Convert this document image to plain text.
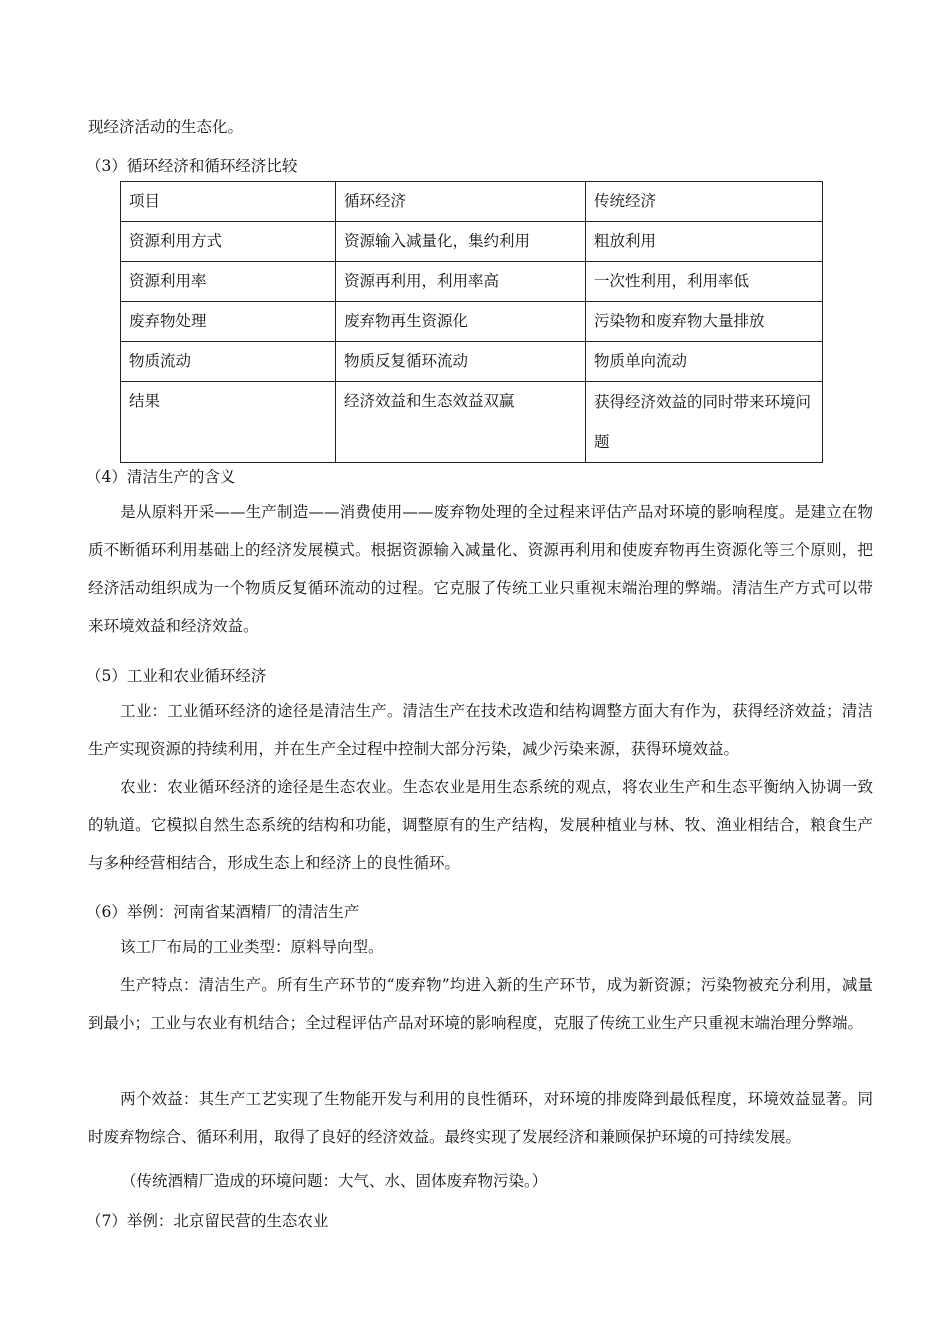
现经济活动的生态化。
（3）循环经济和循环经济比较
项目	循环经济	传统经济
资源利用方式	资源输入减量化，集约利用	粗放利用
资源利用率	资源再利用，利用率高	一次性利用，利用率低
废弃物处理	废弃物再生资源化	污染物和废弃物大量排放
物质流动	物质反复循环流动	物质单向流动
结果	经济效益和生态效益双赢	获得经济效益的同时带来环境问题
（4）清洁生产的含义
是从原料开采——生产制造——消费使用——废弃物处理的全过程来评估产品对环境的影响程度。是建立在物质不断循环利用基础上的经济发展模式。根据资源输入减量化、资源再利用和使废弃物再生资源化等三个原则，把经济活动组织成为一个物质反复循环流动的过程。它克服了传统工业只重视末端治理的弊端。清洁生产方式可以带来环境效益和经济效益。
（5）工业和农业循环经济
工业：工业循环经济的途径是清洁生产。清洁生产在技术改造和结构调整方面大有作为，获得经济效益；清洁生产实现资源的持续利用，并在生产全过程中控制大部分污染，减少污染来源，获得环境效益。
农业：农业循环经济的途径是生态农业。生态农业是用生态系统的观点，将农业生产和生态平衡纳入协调一致的轨道。它模拟自然生态系统的结构和功能，调整原有的生产结构，发展种植业与林、牧、渔业相结合，粮食生产与多种经营相结合，形成生态上和经济上的良性循环。
（6）举例：河南省某酒精厂的清洁生产
该工厂布局的工业类型：原料导向型。
生产特点：清洁生产。所有生产环节的“废弃物”均进入新的生产环节，成为新资源；污染物被充分利用，减量到最小；工业与农业有机结合；全过程评估产品对环境的影响程度，克服了传统工业生产只重视末端治理分弊端。
两个效益：其生产工艺实现了生物能开发与利用的良性循环，对环境的排废降到最低程度，环境效益显著。同时废弃物综合、循环利用，取得了良好的经济效益。最终实现了发展经济和兼顾保护环境的可持续发展。
（传统酒精厂造成的环境问题：大气、水、固体废弃物污染。）
（7）举例：北京留民营的生态农业
